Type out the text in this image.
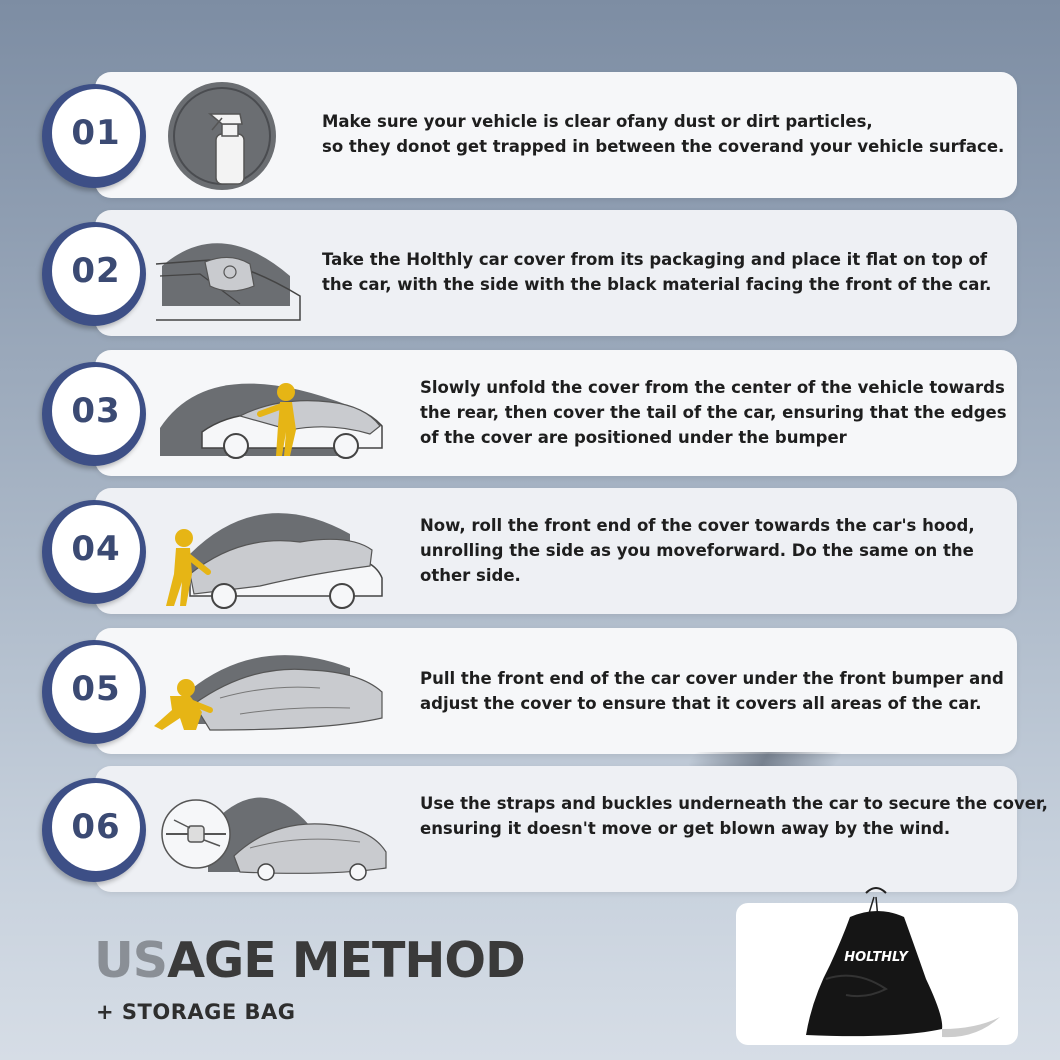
01	Make sure your vehicle is clear ofany dust or dirt particles,
so they donot get trapped in between the coverand your vehicle surface.
02	Take the Holthly car cover from its packaging and place it flat on top of
the car, with the side with the black material facing the front of the car.
03
Slowly unfold the cover from the center of the vehicle towards
the rear, then cover the tail of the car, ensuring that the edges
of the cover are positioned under the bumper
04
Now, roll the front end of the cover towards the car's hood,
unrolling the side as you moveforward. Do the same on the
other side.
05	Pull the front end of the car cover under the front bumper and
adjust the cover to ensure that it covers all areas of the car.
06
Use the straps and buckles underneath the car to secure the cover,
ensuring it doesn't move or get blown away by the wind.
USAGE METHOD
+ STORAGE BAG
HOLTHLY
